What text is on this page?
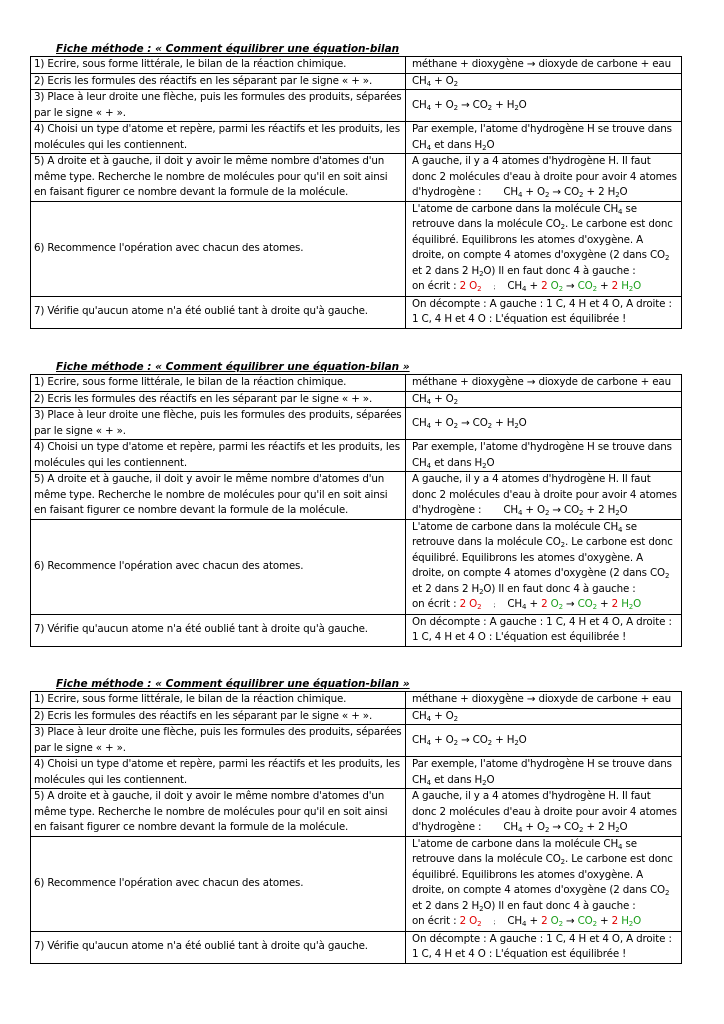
Fiche méthode : « Comment équilibrer une équation-bilan
1) Ecrire, sous forme littérale, le bilan de la réaction chimique.	méthane + dioxygène → dioxyde de carbone + eau
2) Ecris les formules des réactifs en les séparant par le signe « + ».	$CH_4 + O_2$
3) Place à leur droite une flèche, puis les formules des produits, séparées par le signe « + ».	$CH_4 + O_2 \to CO_2 + H_2O$
4) Choisi un type d'atome et repère, parmi les réactifs et les produits, les molécules qui les contiennent.	Par exemple, l'atome d'hydrogène H se trouve dans $CH_4$ et dans $H_2O$
5) A droite et à gauche, il doit y avoir le même nombre d'atomes d'un même type. Recherche le nombre de molécules pour qu'il en soit ainsi en faisant figurer ce nombre devant la formule de la molécule.	A gauche, il y a 4 atomes d'hydrogène H. Il faut donc 2 molécules d'eau à droite pour avoir 4 atomes d'hydrogène : $CH_4 + O_2 \to CO_2 + 2$ $H_2O$
6) Recommence l'opération avec chacun des atomes.	L'atome de carbone dans la molécule $CH_4$ se retrouve dans la molécule $CO_2$. Le carbone est donc équilibré. Equilibrons les atomes d'oxygène. A droite, on compte 4 atomes d'oxygène (2 dans $CO_2$ et 2 dans 2 $H_2O$) Il en faut donc 4 à gauche :
on écrit : 2 $O_2$ ; $CH_4 + 2$ $O_2 \to CO_2 + 2$ $H_2O$
7) Vérifie qu'aucun atome n'a été oublié tant à droite qu'à gauche.	On décompte : A gauche : 1 C, 4 H et 4 O, A droite : 1 C, 4 H et 4 O : L'équation est équilibrée !
Fiche méthode : « Comment équilibrer une équation-bilan »
1) Ecrire, sous forme littérale, le bilan de la réaction chimique.	méthane + dioxygène → dioxyde de carbone + eau
2) Ecris les formules des réactifs en les séparant par le signe « + ».	$CH_4 + O_2$
3) Place à leur droite une flèche, puis les formules des produits, séparées par le signe « + ».	$CH_4 + O_2 \to CO_2 + H_2O$
4) Choisi un type d'atome et repère, parmi les réactifs et les produits, les molécules qui les contiennent.	Par exemple, l'atome d'hydrogène H se trouve dans $CH_4$ et dans $H_2O$
5) A droite et à gauche, il doit y avoir le même nombre d'atomes d'un même type. Recherche le nombre de molécules pour qu'il en soit ainsi en faisant figurer ce nombre devant la formule de la molécule.	A gauche, il y a 4 atomes d'hydrogène H. Il faut donc 2 molécules d'eau à droite pour avoir 4 atomes d'hydrogène : $CH_4 + O_2 \to CO_2 + 2$ $H_2O$
6) Recommence l'opération avec chacun des atomes.	L'atome de carbone dans la molécule $CH_4$ se retrouve dans la molécule $CO_2$. Le carbone est donc équilibré. Equilibrons les atomes d'oxygène. A droite, on compte 4 atomes d'oxygène (2 dans $CO_2$ et 2 dans 2 $H_2O$) Il en faut donc 4 à gauche :
on écrit : 2 $O_2$ ; $CH_4 + 2$ $O_2 \to CO_2 + 2$ $H_2O$
7) Vérifie qu'aucun atome n'a été oublié tant à droite qu'à gauche.	On décompte : A gauche : 1 C, 4 H et 4 O, A droite : 1 C, 4 H et 4 O : L'équation est équilibrée !
Fiche méthode : « Comment équilibrer une équation-bilan »
1) Ecrire, sous forme littérale, le bilan de la réaction chimique.	méthane + dioxygène → dioxyde de carbone + eau
2) Ecris les formules des réactifs en les séparant par le signe « + ».	$CH_4 + O_2$
3) Place à leur droite une flèche, puis les formules des produits, séparées par le signe « + ».	$CH_4 + O_2 \to CO_2 + H_2O$
4) Choisi un type d'atome et repère, parmi les réactifs et les produits, les molécules qui les contiennent.	Par exemple, l'atome d'hydrogène H se trouve dans $CH_4$ et dans $H_2O$
5) A droite et à gauche, il doit y avoir le même nombre d'atomes d'un même type. Recherche le nombre de molécules pour qu'il en soit ainsi en faisant figurer ce nombre devant la formule de la molécule.	A gauche, il y a 4 atomes d'hydrogène H. Il faut donc 2 molécules d'eau à droite pour avoir 4 atomes d'hydrogène : $CH_4 + O_2 \to CO_2 + 2$ $H_2O$
6) Recommence l'opération avec chacun des atomes.	L'atome de carbone dans la molécule $CH_4$ se retrouve dans la molécule $CO_2$. Le carbone est donc équilibré. Equilibrons les atomes d'oxygène. A droite, on compte 4 atomes d'oxygène (2 dans $CO_2$ et 2 dans 2 $H_2O$) Il en faut donc 4 à gauche :
on écrit : 2 $O_2$ ; $CH_4 + 2$ $O_2 \to CO_2 + 2$ $H_2O$
7) Vérifie qu'aucun atome n'a été oublié tant à droite qu'à gauche.	On décompte : A gauche : 1 C, 4 H et 4 O, A droite : 1 C, 4 H et 4 O : L'équation est équilibrée !
